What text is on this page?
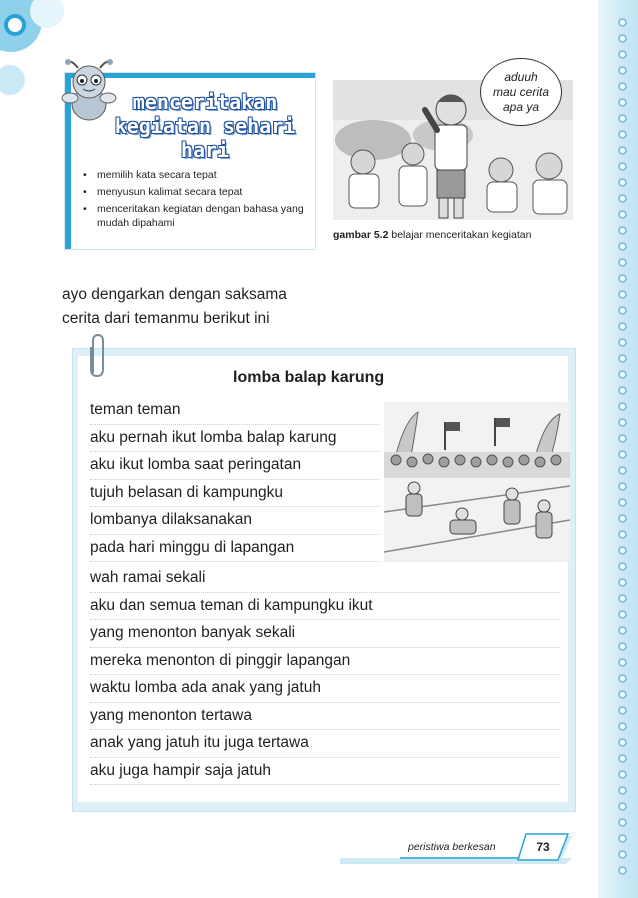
menceritakan
kegiatan sehari
hari
• memilih kata secara tepat
• menyusun kalimat secara tepat
• menceritakan kegiatan dengan bahasa yang mudah dipahami
aduuh
mau cerita
apa ya
gambar 5.2 belajar menceritakan kegiatan
ayo dengarkan dengan saksama
cerita dari temanmu berikut ini
lomba balap karung
teman teman
aku pernah ikut lomba balap karung
aku ikut lomba saat peringatan
tujuh belasan di kampungku
lombanya dilaksanakan
pada hari minggu di lapangan
wah ramai sekali
aku dan semua teman di kampungku ikut
yang menonton banyak sekali
mereka menonton di pinggir lapangan
waktu lomba ada anak yang jatuh
yang menonton tertawa
anak yang jatuh itu juga tertawa
aku juga hampir saja jatuh
peristiwa berkesan	73
